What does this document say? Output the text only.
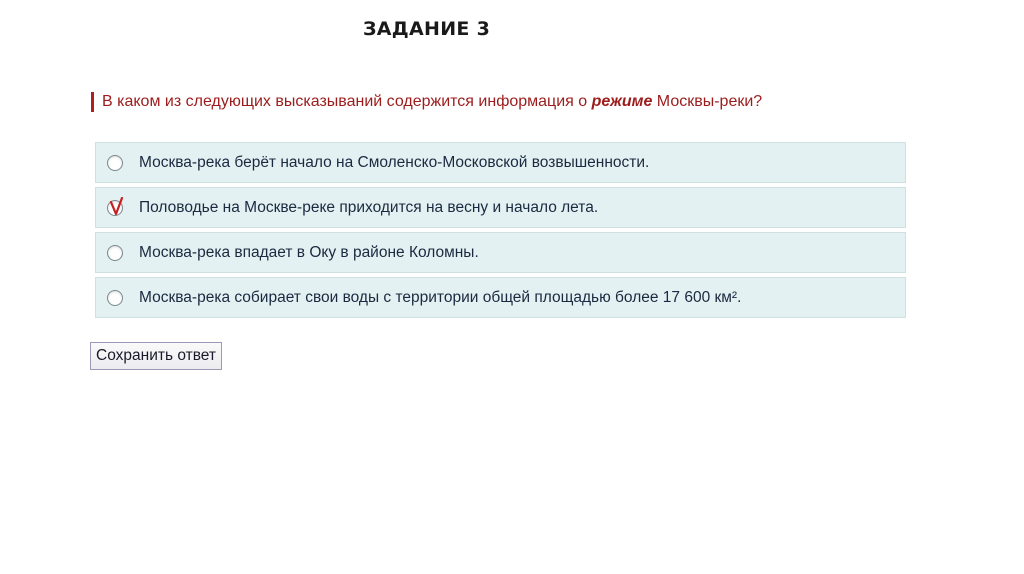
ЗАДАНИЕ 3
В каком из следующих высказываний содержится информация о режиме Москвы-реки?
Москва-река берёт начало на Смоленско-Московской возвышенности.
Половодье на Москве-реке приходится на весну и начало лета.
Москва-река впадает в Оку в районе Коломны.
Москва-река собирает свои воды с территории общей площадью более 17 600 км².
Сохранить ответ
